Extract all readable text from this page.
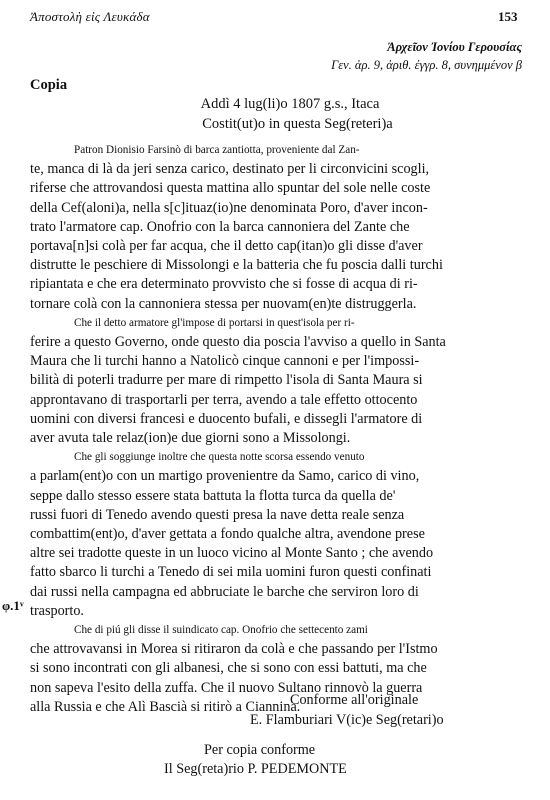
Ἀποστολὴ εἰς Λευκάδα	153
Ἀρχεῖον Ἰονίου Γερουσίας
Γεν. ἀρ. 9, ἀριθ. ἐγγρ. 8, συνημμένον β
Copia
Addì 4 lug(li)o 1807 g.s., Itaca
Costit(ut)o in questa Seg(reteri)a

Patron Dionisio Farsinò di barca zantiotta, proveniente dal Zan-
te, manca di là da jeri senza carico, destinato per li circonvicini scogli,
riferse che attrovandosi questa mattina allo spuntar del sole nelle coste
della Cef(aloni)a, nella s[c]ituaz(io)ne denominata Poro, d'aver incon-
trato l'armatore cap. Onofrio con la barca cannoniera del Zante che
portava[n]si colà per far acqua, che il detto cap(itan)o gli disse d'aver
distrutte le peschiere di Missolongi e la batteria che fu poscia dalli turchi
ripiantata e che era determinato provvisto che si fosse di acqua di ri-
tornare colà con la cannoniera stessa per nuovam(en)te distruggerla.

Che il detto armatore gl'impose di portarsi in quest'isola per ri-
ferire a questo Governo, onde questo dia poscia l'avviso a quello in Santa
Maura che li turchi hanno a Natolicò cinque cannoni e per l'impossi-
bilità di poterli tradurre per mare di rimpetto l'isola di Santa Maura si
approntavano di trasportarli per terra, avendo a tale effetto ottocento
uomini con diversi francesi e duocento bufali, e dissegli l'armatore di
aver avuta tale relaz(ion)e due giorni sono a Missolongi.

Che gli soggiunge inoltre che questa notte scorsa essendo venuto
a parlam(ent)o con un martigo provenientre da Samo, carico di vino,
seppe dallo stesso essere stata battuta la flotta turca da quella de'
russi fuori di Tenedo avendo questi presa la nave detta reale senza
combattim(ent)o, d'aver gettata a fondo qualche altra, avendone prese
altre sei tradotte queste in un luoco vicino al Monte Santo ; che avendo
fatto sbarco li turchi a Tenedo di sei mila uomini furon questi confinati
dai russi nella campagna ed abbruciate le barche che serviron loro di
trasporto.

Che di piú gli disse il suindicato cap. Onofrio che settecento zami
che attrovavansi in Morea si ritiraron da colà e che passando per l'Istmo
si sono incontrati con gli albanesi, che si sono con essi battuti, ma che
non sapeva l'esito della zuffa. Che il nuovo Sultano rinnovò la guerra
alla Russia e che Alì Bascià si ritirò a Ciannina.

φ.1ᵛ
Conforme all'originale
E. Flamburiari V(ic)e Seg(retari)o
Per copia conforme
Il Seg(reta)rio P. PEDEMONTE
